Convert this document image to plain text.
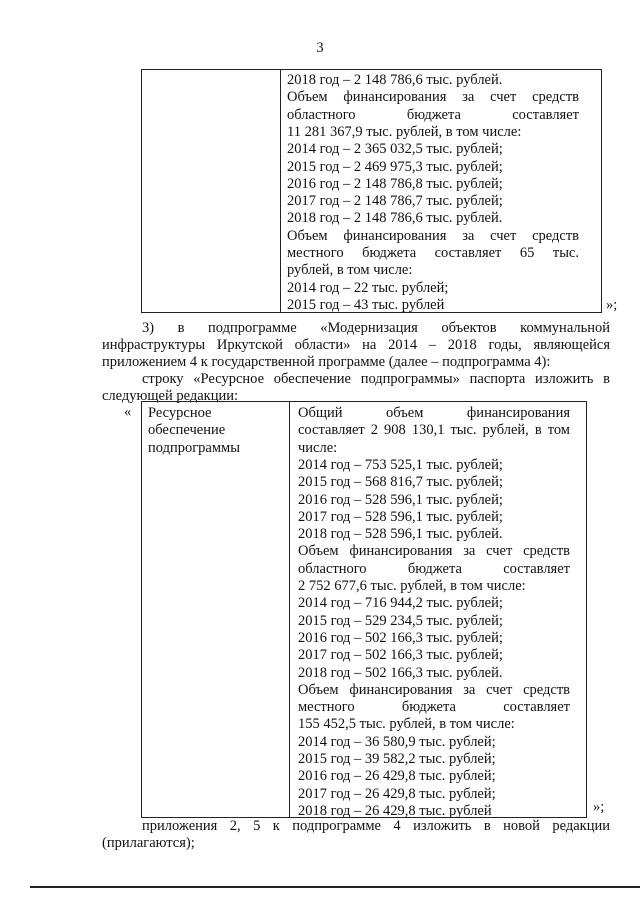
3
2018 год – 2 148 786,6 тыс. рублей.
Объем финансирования за счет средств
областного бюджета составляет
11 281 367,9 тыс. рублей, в том числе:
2014 год – 2 365 032,5 тыс. рублей;
2015 год – 2 469 975,3 тыс. рублей;
2016 год – 2 148 786,8 тыс. рублей;
2017 год – 2 148 786,7 тыс. рублей;
2018 год – 2 148 786,6 тыс. рублей.
Объем финансирования за счет средств
местного бюджета составляет 65 тыс.
рублей, в том числе:
2014 год – 22 тыс. рублей;
2015 год – 43 тыс. рублей	»;
3) в подпрограмме «Модернизация объектов коммунальной
инфраструктуры Иркутской области» на 2014 – 2018 годы, являющейся
приложением 4 к государственной программе (далее – подпрограмма 4):
строку «Ресурсное обеспечение подпрограммы» паспорта изложить в
следующей редакции:
« Ресурсное
обеспечение
подпрограммы
Общий объем финансирования
составляет 2 908 130,1 тыс. рублей, в том
числе:
2014 год – 753 525,1 тыс. рублей;
2015 год – 568 816,7 тыс. рублей;
2016 год – 528 596,1 тыс. рублей;
2017 год – 528 596,1 тыс. рублей;
2018 год – 528 596,1 тыс. рублей.
Объем финансирования за счет средств
областного бюджета составляет
2 752 677,6 тыс. рублей, в том числе:
2014 год – 716 944,2 тыс. рублей;
2015 год – 529 234,5 тыс. рублей;
2016 год – 502 166,3 тыс. рублей;
2017 год – 502 166,3 тыс. рублей;
2018 год – 502 166,3 тыс. рублей.
Объем финансирования за счет средств
местного бюджета составляет
155 452,5 тыс. рублей, в том числе:
2014 год – 36 580,9 тыс. рублей;
2015 год – 39 582,2 тыс. рублей;
2016 год – 26 429,8 тыс. рублей;
2017 год – 26 429,8 тыс. рублей;
2018 год – 26 429,8 тыс. рублей	»;
приложения 2, 5 к подпрограмме 4 изложить в новой редакции
(прилагаются);
